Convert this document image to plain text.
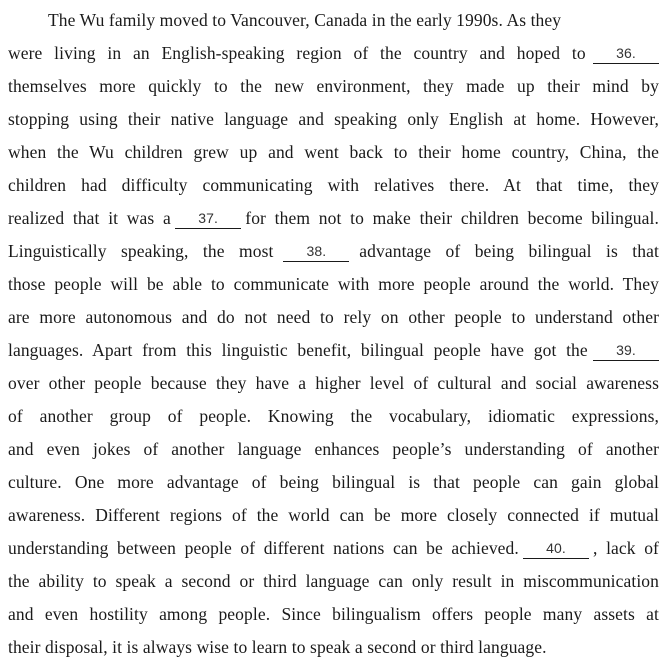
The Wu family moved to Vancouver, Canada in the early 1990s. As they
were living in an English-speaking region of the country and hoped to	36.
themselves more quickly to the new environment, they made up their mind by
stopping using their native language and speaking only English at home. However,
when the Wu children grew up and went back to their home country, China, the
children had difficulty communicating with relatives there. At that time, they
realized that it was a	37.	for them not to make their children become bilingual.
Linguistically speaking, the most	38.	advantage of being bilingual is that
those people will be able to communicate with more people around the world. They
are more autonomous and do not need to rely on other people to understand other
languages. Apart from this linguistic benefit, bilingual people have got the	39.
over other people because they have a higher level of cultural and social awareness
of another group of people. Knowing the vocabulary, idiomatic expressions,
and even jokes of another language enhances people’s understanding of another
culture. One more advantage of being bilingual is that people can gain global
awareness. Different regions of the world can be more closely connected if mutual
understanding between people of different nations can be achieved.	40.	, lack of
the ability to speak a second or third language can only result in miscommunication
and even hostility among people. Since bilingualism offers people many assets at
their disposal, it is always wise to learn to speak a second or third language.
